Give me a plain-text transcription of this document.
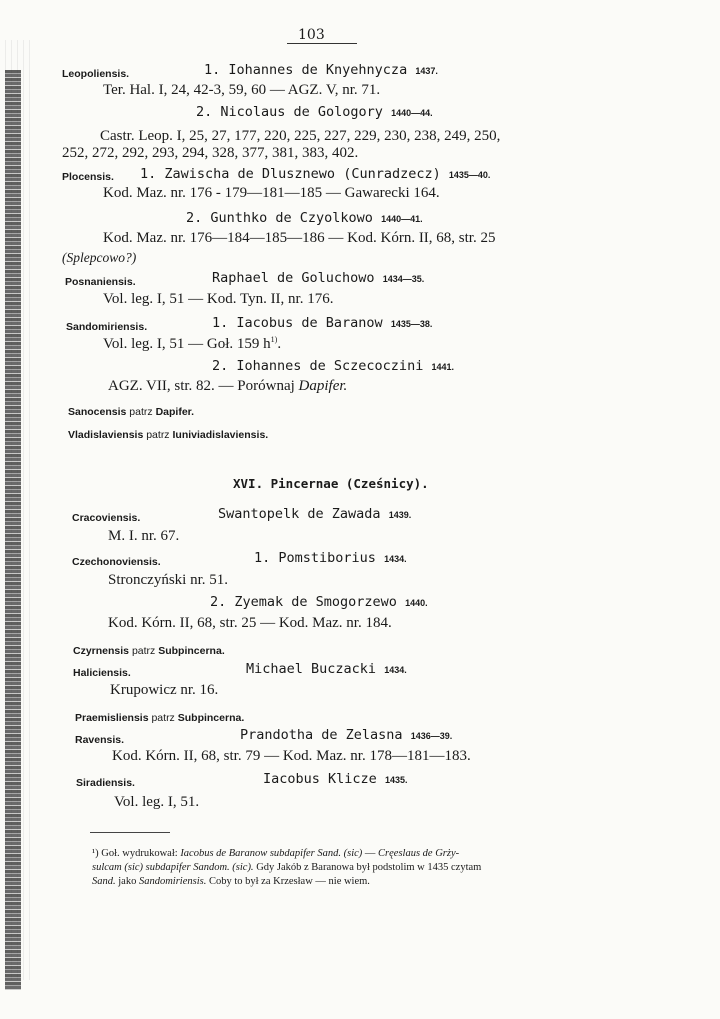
103
Leopoliensis.	1. Iohannes de Knyehnycza 1437.
Ter. Hal. I, 24, 42-3, 59, 60 — AGZ. V, nr. 71.
2. Nicolaus de Gologory 1440—44.
Castr. Leop. I, 25, 27, 177, 220, 225, 227, 229, 230, 238, 249, 250,
252, 272, 292, 293, 294, 328, 377, 381, 383, 402.
Plocensis. 1. Zawischa de Dlusznewo (Cunradzecz) 1435—40.
Kod. Maz. nr. 176 - 179—181—185 — Gawarecki 164.
2. Gunthko de Czyolkowo 1440—41.
Kod. Maz. nr. 176—184—185—186 — Kod. Kórn. II, 68, str. 25
(Splepcowo?)
Posnaniensis.	Raphael de Goluchowo 1434—35.
Vol. leg. I, 51 — Kod. Tyn. II, nr. 176.
Sandomiriensis.	1. Iacobus de Baranow 1435—38.
Vol. leg. I, 51 — Goł. 159 $h^{1)}$.
2. Iohannes de Sczecoczini 1441.
AGZ. VII, str. 82. — Porównaj Dapifer.
Sanocensis patrz Dapifer.
Vladislaviensis patrz Iuniviadislaviensis.
XVI. Pincernae (Cześnicy).
Cracoviensis.	Swantopelk de Zawada 1439.
M. I. nr. 67.
Czechonoviensis.	1. Pomstiborius 1434.
Stronczyński nr. 51.
2. Zyemak de Smogorzewo 1440.
Kod. Kórn. II, 68, str. 25 — Kod. Maz. nr. 184.
Czyrnensis patrz Subpincerna.
Haliciensis.	Michael Buczacki 1434.
Krupowicz nr. 16.
Praemisliensis patrz Subpincerna.
Ravensis.	Prandotha de Zelasna 1436—39.
Kod. Kórn. II, 68, str. 79 — Kod. Maz. nr. 178—181—183.
Siradiensis.	Iacobus Klicze 1435.
Vol. leg. I, 51.
¹) Goł. wydrukował: Iacobus de Baranow subdapifer Sand. (sic) — Cręeslaus de Grży-
sulcam (sic) subdapifer Sandom. (sic). Gdy Jakób z Baranowa był podstolim w 1435 czytam
Sand. jako Sandomiriensis. Coby to był za Krzesław — nie wiem.
